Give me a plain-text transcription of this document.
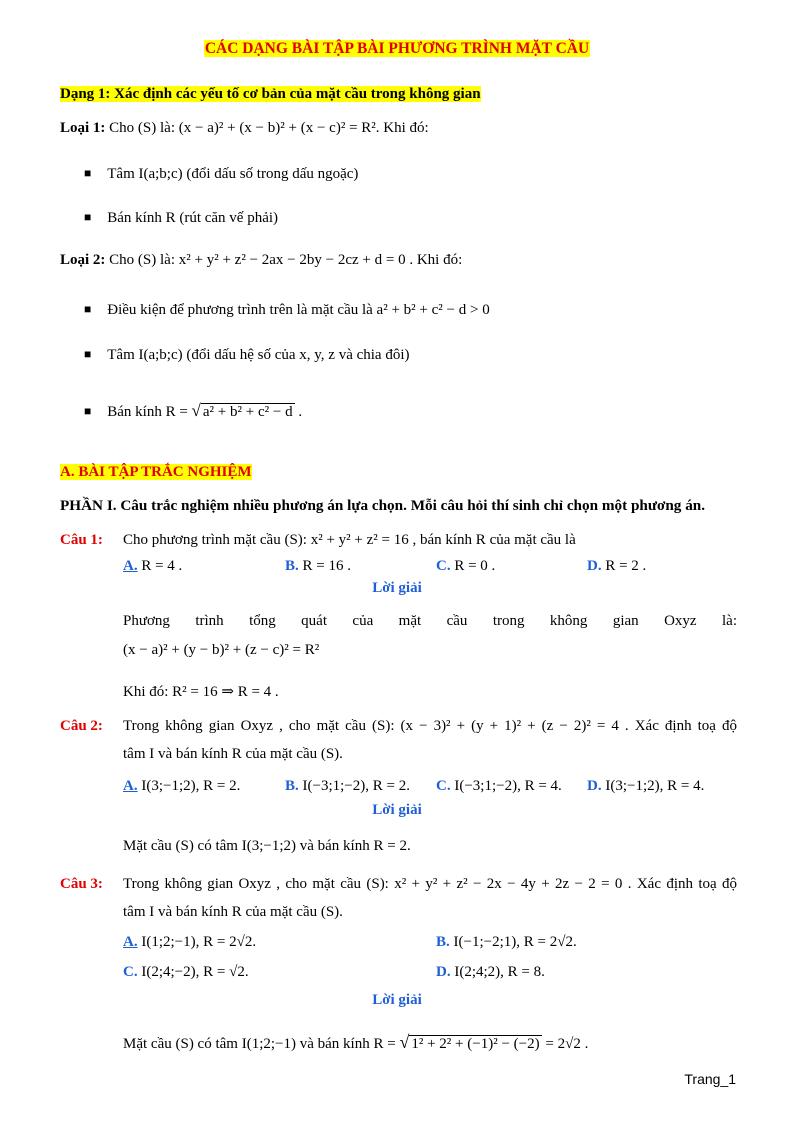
CÁC DẠNG BÀI TẬP BÀI PHƯƠNG TRÌNH MẶT CẦU
Dạng 1: Xác định các yếu tố cơ bản của mặt cầu trong không gian
Loại 1: Cho (S) là: (x − a)² + (x − b)² + (x − c)² = R². Khi đó:
■ Tâm I(a;b;c) (đổi dấu số trong dấu ngoặc)
■ Bán kính R (rút căn vế phải)
Loại 2: Cho (S) là: x² + y² + z² − 2ax − 2by − 2cz + d = 0 . Khi đó:
■ Điều kiện để phương trình trên là mặt cầu là a² + b² + c² − d > 0
■ Tâm I(a;b;c) (đổi dấu hệ số của x, y, z và chia đôi)
■ Bán kính R = √ a² + b² + c² − d .
A. BÀI TẬP TRẮC NGHIỆM
PHẦN I. Câu trắc nghiệm nhiều phương án lựa chọn. Mỗi câu hỏi thí sinh chỉ chọn một phương án.
Câu 1: Cho phương trình mặt cầu (S): x² + y² + z² = 16 , bán kính R của mặt cầu là
A. R = 4 .	B. R = 16 .	C. R = 0 .	D. R = 2 .
Lời giải
Phương trình tổng quát của mặt cầu trong không gian Oxyz là:
(x − a)² + (y − b)² + (z − c)² = R²
Khi đó: R² = 16 ⇒ R = 4 .
Câu 2: Trong không gian Oxyz , cho mặt cầu (S): (x − 3)² + (y + 1)² + (z − 2)² = 4 . Xác định toạ độ
tâm I và bán kính R của mặt cầu (S).
A. I(3;−1;2), R = 2.	B. I(−3;1;−2), R = 2. C. I(−3;1;−2), R = 4. D. I(3;−1;2), R = 4.
Lời giải
Mặt cầu (S) có tâm I(3;−1;2) và bán kính R = 2.
Câu 3: Trong không gian Oxyz , cho mặt cầu (S): x² + y² + z² − 2x − 4y + 2z − 2 = 0 . Xác định toạ độ
tâm I và bán kính R của mặt cầu (S).
A. I(1;2;−1), R = 2√2.	B. I(−1;−2;1), R = 2√2.
C. I(2;4;−2), R = √2.	D. I(2;4;2), R = 8.
Lời giải
Mặt cầu (S) có tâm I(1;2;−1) và bán kính R = √ 1² + 2² + (−1)² − (−2) = 2√2 .
Trang_1
